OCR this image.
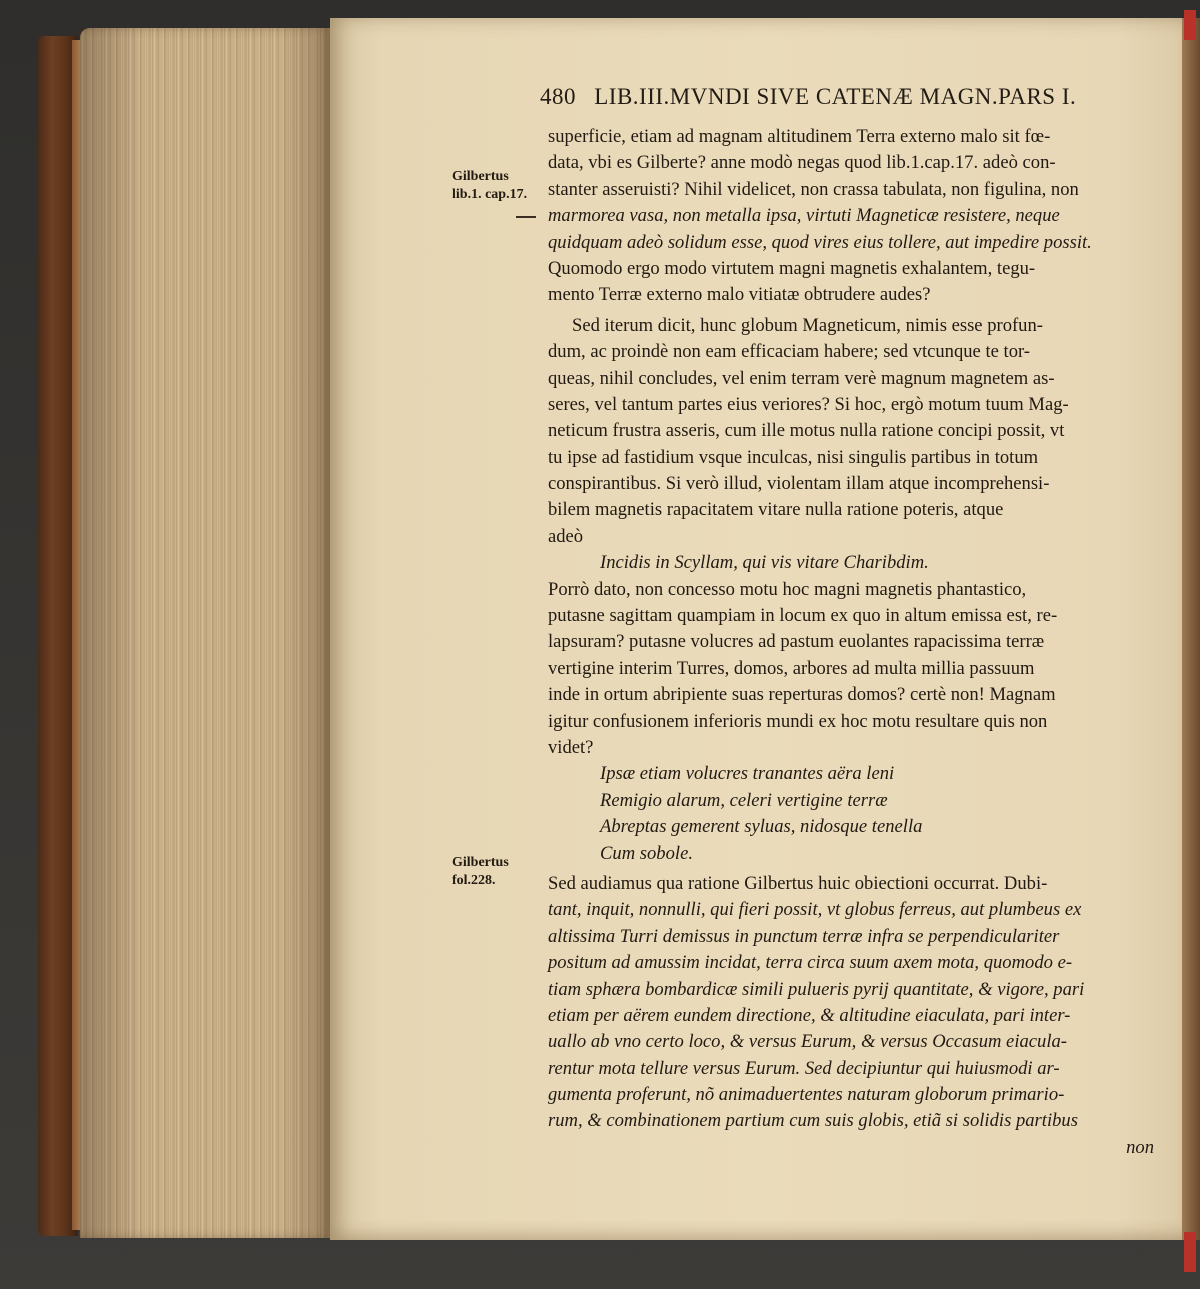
480 LIB.III.MVNDI SIVE CATENÆ MAGN.PARS I.
Gilbertus
lib.1. cap.17.
Gilbertus
fol.228.
superficie, etiam ad magnam altitudinem Terra externo malo sit fœ-
data, vbi es Gilberte? anne modò negas quod lib.1.cap.17. adeò con-
stanter asseruisti? Nihil videlicet, non crassa tabulata, non figulina, non
marmorea vasa, non metalla ipsa, virtuti Magneticæ resistere, neque
quidquam adeò solidum esse, quod vires eius tollere, aut impedire possit.
Quomodo ergo modo virtutem magni magnetis exhalantem, tegu-
mento Terræ externo malo vitiatæ obtrudere audes?
Sed iterum dicit, hunc globum Magneticum, nimis esse profun-
dum, ac proindè non eam efficaciam habere; sed vtcunque te tor-
queas, nihil concludes, vel enim terram verè magnum magnetem as-
seres, vel tantum partes eius veriores? Si hoc, ergò motum tuum Mag-
neticum frustra asseris, cum ille motus nulla ratione concipi possit, vt
tu ipse ad fastidium vsque inculcas, nisi singulis partibus in totum
conspirantibus. Si verò illud, violentam illam atque incomprehensi-
bilem magnetis rapacitatem vitare nulla ratione poteris, atque
adeò
Incidis in Scyllam, qui vis vitare Charibdim.
Porrò dato, non concesso motu hoc magni magnetis phantastico,
putasne sagittam quampiam in locum ex quo in altum emissa est, re-
lapsuram? putasne volucres ad pastum euolantes rapacissima terræ
vertigine interim Turres, domos, arbores ad multa millia passuum
inde in ortum abripiente suas reperturas domos? certè non! Magnam
igitur confusionem inferioris mundi ex hoc motu resultare quis non
videt?
Ipsæ etiam volucres tranantes aëra leni
Remigio alarum, celeri vertigine terræ
Abreptas gemerent syluas, nidosque tenella
Cum sobole.
Sed audiamus qua ratione Gilbertus huic obiectioni occurrat. Dubi-
tant, inquit, nonnulli, qui fieri possit, vt globus ferreus, aut plumbeus ex
altissima Turri demissus in punctum terræ infra se perpendiculariter
positum ad amussim incidat, terra circa suum axem mota, quomodo e-
tiam sphæra bombardicæ simili pulueris pyrij quantitate, & vigore, pari
etiam per aërem eundem directione, & altitudine eiaculata, pari inter-
uallo ab vno certo loco, & versus Eurum, & versus Occasum eiacula-
rentur mota tellure versus Eurum. Sed decipiuntur qui huiusmodi ar-
gumenta proferunt, nõ animaduertentes naturam globorum primario-
rum, & combinationem partium cum suis globis, etiã si solidis partibus
non
